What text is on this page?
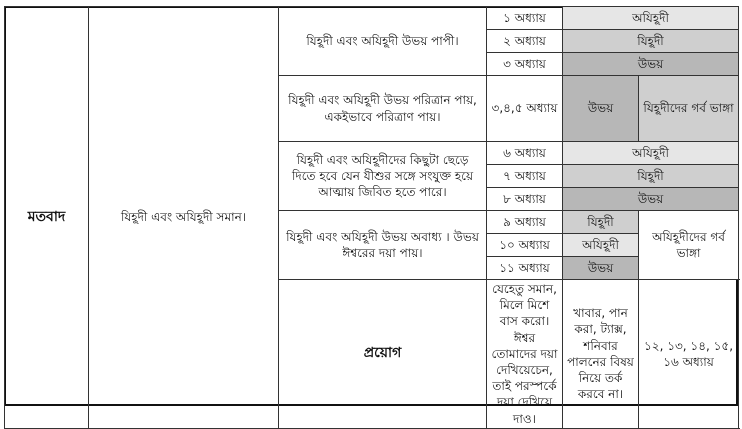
মতবাদ	যিহূদী এবং অযিহূদী সমান।	যিহূদী এবং অযিহূদী উভয় পাপী।	১ অধ্যায়	অযিহূদী		
			২ অধ্যায়	যিহূদী		
			৩ অধ্যায়	উভয়		
		যিহূদী এবং অযিহূদী উভয় পরিত্রান পায়, একইভাবে পরিত্রাণ পায়।	৩,৪,৫ অধ্যায়	উভয়	যিহূদীদের গর্ব ভাঙ্গা	
		যিহূদী এবং অযিহূদীদের কিছুটা ছেড়ে দিতে হবে যেন যীশুর সঙ্গে সংযুক্ত হয়ে আত্মায় জিবিত হতে পারে।	৬ অধ্যায়	অযিহূদী		
			৭ অধ্যায়	যিহূদী		
			৮ অধ্যায়	উভয়		
		যিহূদী এবং অযিহূদী উভয় অবাধ্য । উভয় ঈশ্বরের দয়া পায়।	৯ অধ্যায়	যিহূদী	অযিহূদীদের গর্ব ভাঙ্গা	
			১০ অধ্যায়	অযিহূদী		
			১১ অধ্যায়	উভয়		
		প্রয়োগ	যেহেতু সমান, মিলে মিশে বাস করো। ঈশ্বর তোমাদের দয়া দেখিয়েচেন, তাই পরস্পর্কে দয়া দেখিয়ে দাও।	খাবার, পান করা, ট্যাক্স, শনিবার পালনের বিষয় নিয়ে তর্ক করবে না।	১২, ১৩, ১৪, ১৫, ১৬ অধ্যায়	
